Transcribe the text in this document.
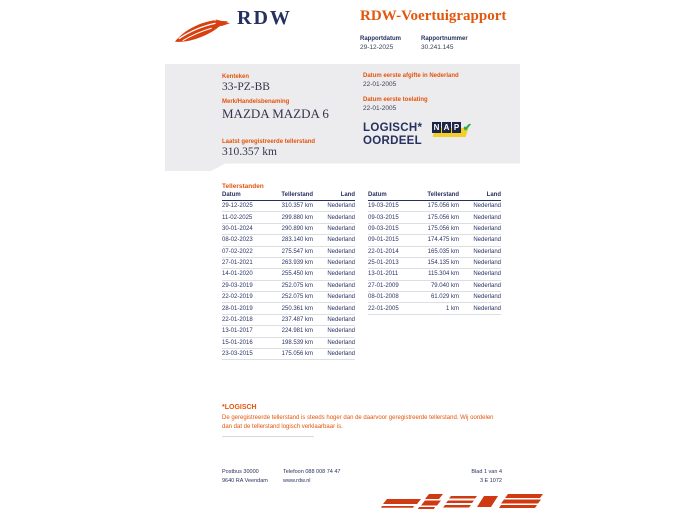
RDW	RDW-Voertuigrapport
Rapportdatum
29-12-2025
Rapportnummer
30.241.145
Kenteken
33-PZ-BB
Merk/Handelsbenaming
MAZDA MAZDA 6
Laatst geregistreerde tellerstand
310.357 km
Datum eerste afgifte in Nederland
22-01-2005
Datum eerste toelating
22-01-2005
LOGISCH*
OORDEEL
N A P ✔
Tellerstanden
Datum	Tellerstand	Land
29-12-2025	310.357 km	Nederland
11-02-2025	299.880 km	Nederland
30-01-2024	290.890 km	Nederland
08-02-2023	283.140 km	Nederland
07-02-2022	275.547 km	Nederland
27-01-2021	263.939 km	Nederland
14-01-2020	255.450 km	Nederland
29-03-2019	252.075 km	Nederland
22-02-2019	252.075 km	Nederland
28-01-2019	250.361 km	Nederland
22-01-2018	237.487 km	Nederland
13-01-2017	224.981 km	Nederland
15-01-2016	198.539 km	Nederland
23-03-2015	175.056 km	Nederland
Datum	Tellerstand	Land
19-03-2015	175.056 km	Nederland
09-03-2015	175.056 km	Nederland
09-03-2015	175.056 km	Nederland
09-01-2015	174.475 km	Nederland
22-01-2014	165.035 km	Nederland
25-01-2013	154.135 km	Nederland
13-01-2011	115.304 km	Nederland
27-01-2009	79.040 km	Nederland
08-01-2008	61.029 km	Nederland
22-01-2005	1 km	Nederland
*LOGISCH
De geregistreerde tellerstand is steeds hoger dan de daarvoor geregistreerde tellerstand. Wij oordelen dan dat de tellerstand logisch verklaarbaar is.
Postbus 30000
9640 RA Veendam
Telefoon 088 008 74 47
www.rdw.nl
Blad 1 van 4
3 E 1072
